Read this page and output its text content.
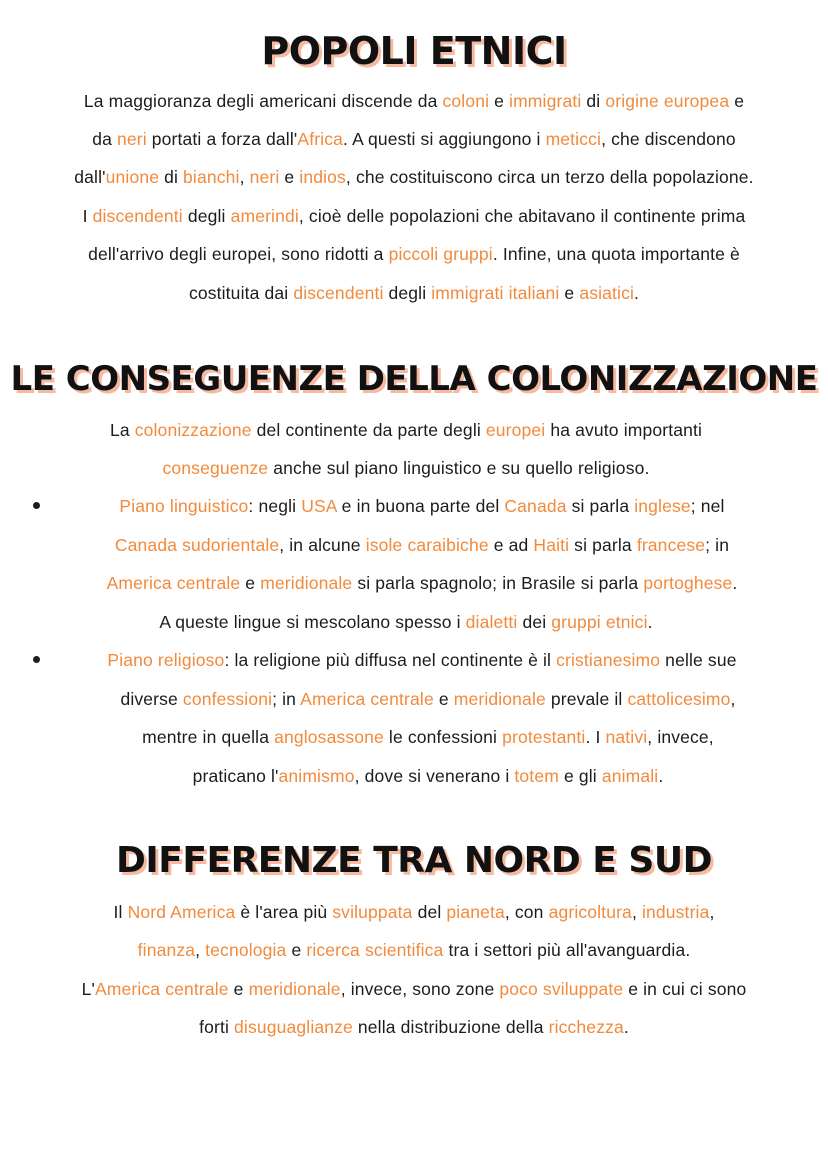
POPOLI ETNICI
La maggioranza degli americani discende da coloni e immigrati di origine europea e
da neri portati a forza dall'Africa. A questi si aggiungono i meticci, che discendono
dall'unione di bianchi, neri e indios, che costituiscono circa un terzo della popolazione.
I discendenti degli amerindi, cioè delle popolazioni che abitavano il continente prima
dell'arrivo degli europei, sono ridotti a piccoli gruppi. Infine, una quota importante è
costituita dai discendenti degli immigrati italiani e asiatici.
LE CONSEGUENZE DELLA COLONIZZAZIONE
La colonizzazione del continente da parte degli europei ha avuto importanti
conseguenze anche sul piano linguistico e su quello religioso.
Piano linguistico: negli USA e in buona parte del Canada si parla inglese; nel
Canada sudorientale, in alcune isole caraibiche e ad Haiti si parla francese; in
America centrale e meridionale si parla spagnolo; in Brasile si parla portoghese.
A queste lingue si mescolano spesso i dialetti dei gruppi etnici.
Piano religioso: la religione più diffusa nel continente è il cristianesimo nelle sue
diverse confessioni; in America centrale e meridionale prevale il cattolicesimo,
mentre in quella anglosassone le confessioni protestanti. I nativi, invece,
praticano l'animismo, dove si venerano i totem e gli animali.
DIFFERENZE TRA NORD E SUD
Il Nord America è l'area più sviluppata del pianeta, con agricoltura, industria,
finanza, tecnologia e ricerca scientifica tra i settori più all'avanguardia.
L'America centrale e meridionale, invece, sono zone poco sviluppate e in cui ci sono
forti disuguaglianze nella distribuzione della ricchezza.
